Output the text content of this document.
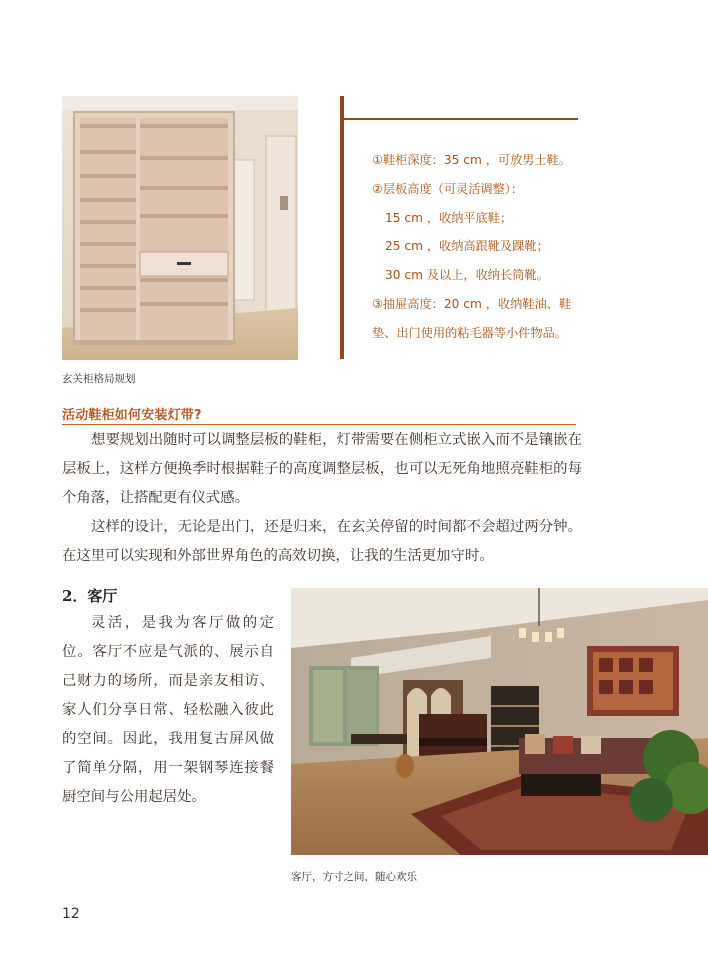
玄关柜格局规划
①鞋柜深度：35 cm ，可放男士鞋。
②层板高度（可灵活调整）：
15 cm ，收纳平底鞋；
25 cm ，收纳高跟靴及踝靴；
30 cm 及以上，收纳长筒靴。
③抽屉高度：20 cm ，收纳鞋油、鞋
垫、出门使用的粘毛器等小件物品。
活动鞋柜如何安装灯带?

想要规划出随时可以调整层板的鞋柜，灯带需要在侧柜立式嵌入而不是镶嵌在层板上，这样方便换季时根据鞋子的高度调整层板，也可以无死角地照亮鞋柜的每个角落，让搭配更有仪式感。

这样的设计，无论是出门，还是归来，在玄关停留的时间都不会超过两分钟。在这里可以实现和外部世界角色的高效切换，让我的生活更加守时。

2．客厅

灵活，是我为客厅做的定位。客厅不应是气派的、展示自己财力的场所，而是亲友相访、家人们分享日常、轻松融入彼此的空间。因此，我用复古屏风做了简单分隔，用一架钢琴连接餐厨空间与公用起居处。

客厅，方寸之间，随心欢乐
12
